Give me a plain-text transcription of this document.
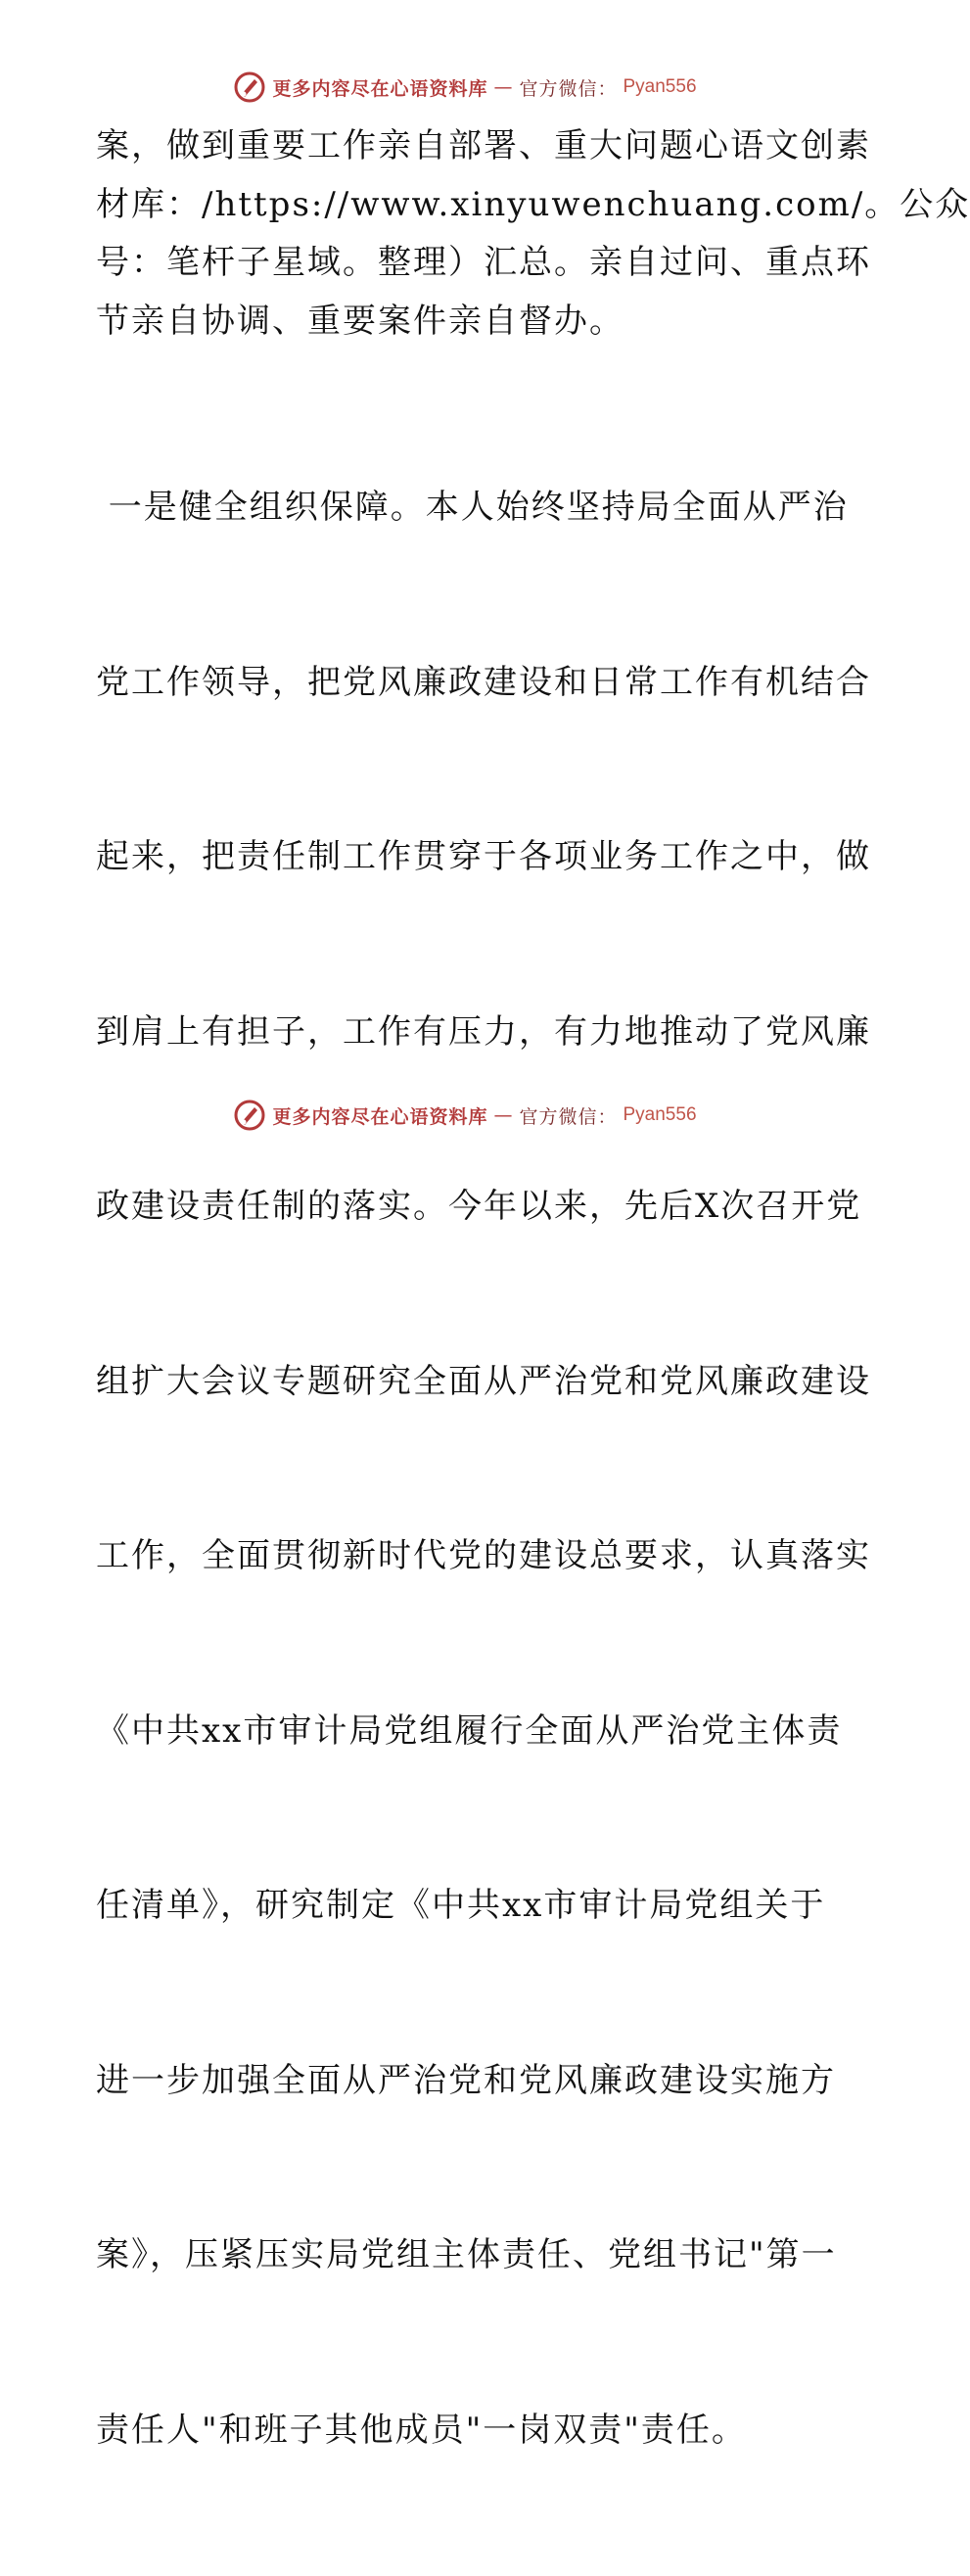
更多内容尽在心语资料库 — 官方微信： Pyan556

案，做到重要工作亲自部署、重大问题心语文创素
材库：/https://www.xinyuwenchuang.com/。公众
号：笔杆子星域。整理）汇总。亲自过问、重点环
节亲自协调、重要案件亲自督办。

一是健全组织保障。本人始终坚持局全面从严治

党工作领导，把党风廉政建设和日常工作有机结合

起来，把责任制工作贯穿于各项业务工作之中，做

到肩上有担子，工作有压力，有力地推动了党风廉

政建设责任制的落实。今年以来，先后X次召开党

组扩大会议专题研究全面从严治党和党风廉政建设

工作，全面贯彻新时代党的建设总要求，认真落实

《中共xx市审计局党组履行全面从严治党主体责

任清单》，研究制定《中共xx市审计局党组关于

进一步加强全面从严治党和党风廉政建设实施方

案》，压紧压实局党组主体责任、党组书记"第一

责任人"和班子其他成员"一岗双责"责任。

更多内容尽在心语资料库 — 官方微信： Pyan556
